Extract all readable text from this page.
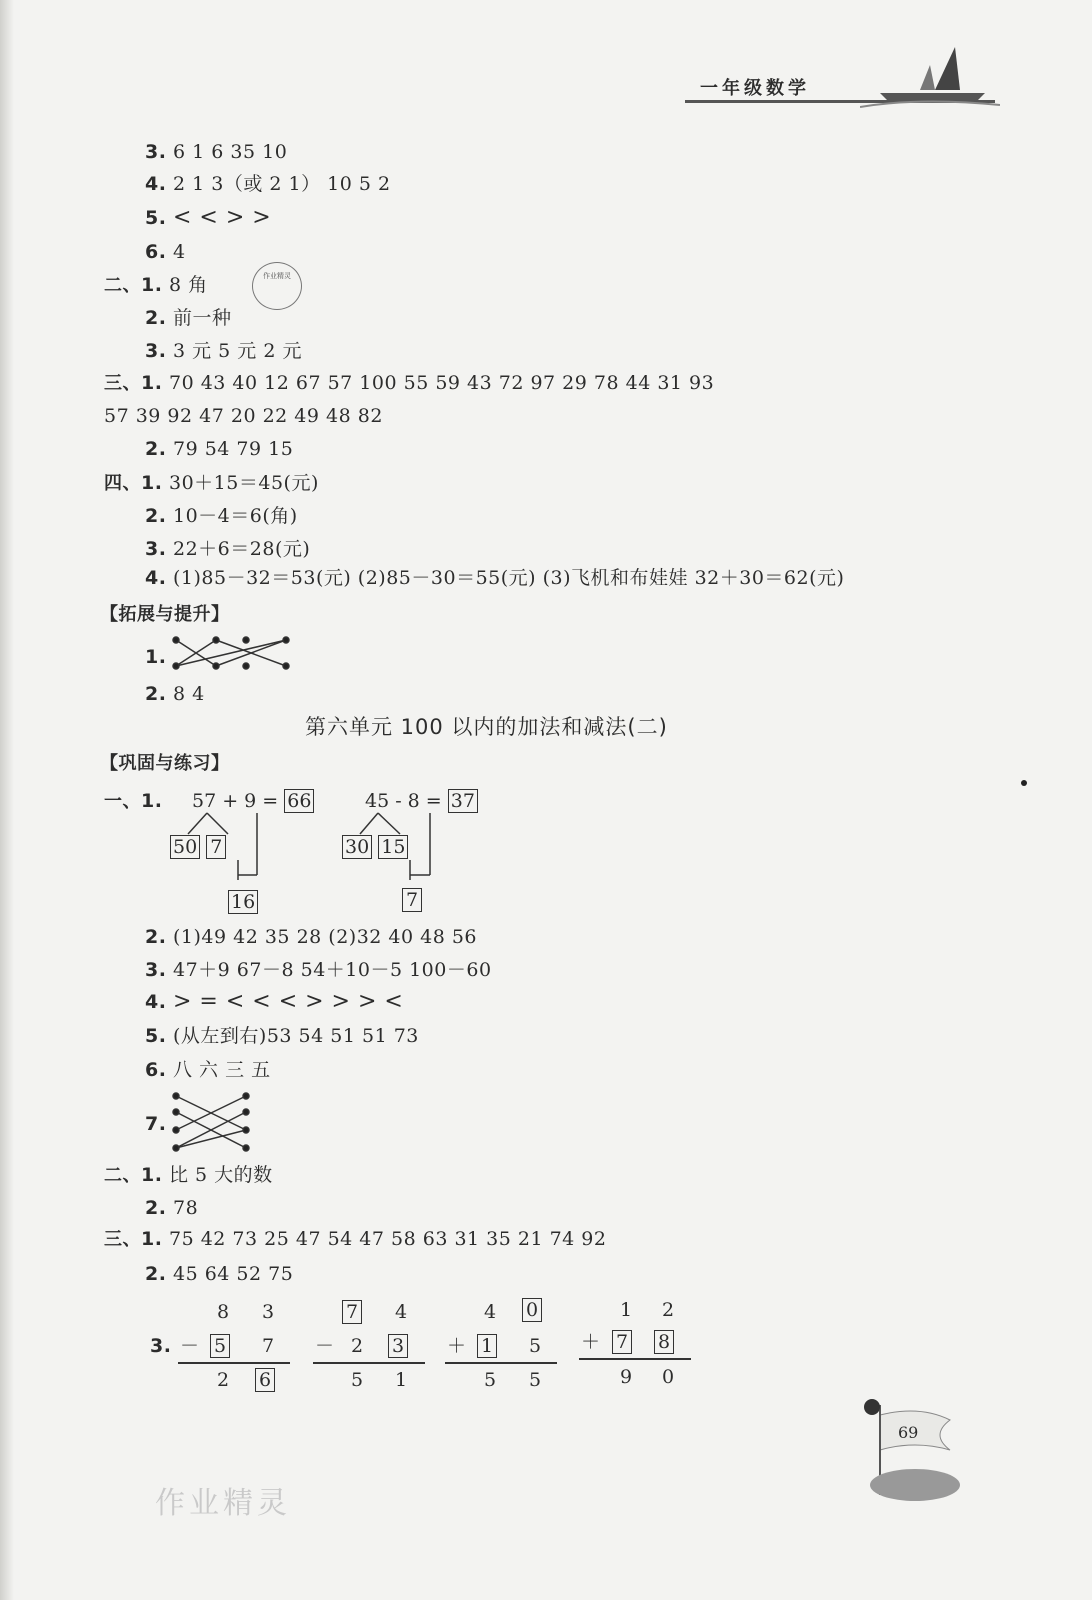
一年级数学
作业精灵
3. 6 1 6 35 10
4. 2 1 3（或 2 1） 10 5 2
5. < < > >
6. 4
二、1. 8 角
2. 前一种
3. 3 元 5 元 2 元
三、1. 70 43 40 12 67 57 100 55 59 43 72 97 29 78 44 31 93
57 39 92 47 20 22 49 48 82
2. 79 54 79 15
四、1. 30＋15＝45(元)
2. 10－4＝6(角)
3. 22＋6＝28(元)
4. (1)85－32＝53(元) (2)85－30＝55(元) (3)飞机和布娃娃 32＋30＝62(元)
【拓展与提升】
1.
2. 8 4
第六单元 100 以内的加法和减法(二)
【巩固与练习】
一、1. 57 + 9 = 66
50 7
16
45 - 8 = 37
30 15
7
2. (1)49 42 35 28 (2)32 40 48 56
3. 47＋9 67－8 54＋10－5 100－60
4. > = < < < > > > <
5. (从左到右)53 54 51 51 73
6. 八 六 三 五
7.
二、1. 比 5 大的数
2. 78
三、1. 75 42 73 25 47 54 47 58 63 31 35 21 74 92
2. 45 64 52 75
3.
8 3
－ 5 7
2 6
7 4
－ 2 3
5 1
4 0
＋ 1 5
5 5
1 2
＋ 7 8
9 0
69
作业精灵
